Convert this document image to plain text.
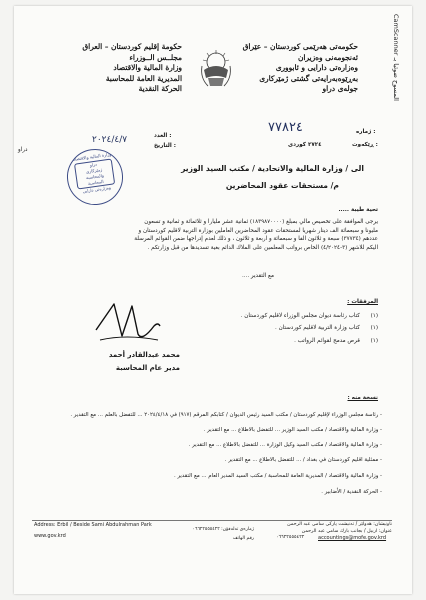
CamScanner ﺍﻟﻤﺴﻮﺡ ﺿﻮﺋﻴﺎ ﺑـ
حکومەتی هەرێمی کوردستان – عێراق
ئەنجومەنی وەزیران
وەزارەتی دارایی و ئابووری
بەڕێوەبەرایەتی گشتی ژمێرکاری
جولەی دراو
حكومة إقليم كوردستان – العراق
مجلــس الــوزراء
وزارة المالية والاقتصاد
المديرية العامة للمحاسبة
الحركة النقدية
ژمارە :
٧٧٨٢٤
ڕێکەوت :
٢٧٢٤ کوردی
العدد :
التاريخ :
٢٠٢٤/٤/٧
دراو
وزارة المالية والاقتصاد
دراو
ژمێرکاری
والمحاسبة
المحاسبة
وەزارەتی دارایی
الى / وزارة المالية والاتحادية / مكتب السيد الوزير
م/ مستحقات عقود المحاضرين
تحية طيبة .....
يرجى الموافقة على تخصيص مالي بمبلغ (١٨٣٩٨٧٠٠٠٠) ثمانية عشر مليارا و ثلاثمائة و ثمانية و تسعون
مليونا و سبعمائة الف دينار شهريا لمستحقات عقود المحاضرين العاملين بوزارة التربية لاقليم كوردستان و
عددهم (٣٧٧٣٤) سبعة و ثلاثون الفا و سبعمائة و اربعة و ثلاثون ، و ذلك لعدم إدراجها ضمن القوائم المرسلة
اليكم للاشهر (٣-٤/٢٠٢٤) الخاص برواتب المعلمين على الملاك الدائم بغية تسديدها من قبل وزارتكم .
مع التقدير ....
المرفقات :
(١)      كتاب رئاسة ديوان مجلس الوزراء لاقليم كوردستان .
(١)      كتاب وزارة التربية لاقليم كوردستان .
(١)      قرص مدمج لقوائم الرواتب .
محمد عبدالقادر أحمد
مدير عام المحاسبة
نسخة منه :
- رئاسة مجلس الوزراء لإقليم كوردستان / مكتب السيد رئيس الديوان / كتابكم المرقم (٩١٧) في ٢٠٢٤/٤/١٨ ... للتفضل بالعلم ... مع التقدير .
- وزارة المالية والاقتصاد / مكتب السيد الوزير ... للتفضل بالاطلاع ... مع التقدير .
- وزارة المالية والاقتصاد / مكتب السيد وكيل الوزارة ... للتفضل بالاطلاع ... مع التقدير .
- ممثلية اقليم كوردستان في بغداد / ... للتفضل بالاطلاع ... مع التقدير .
- وزارة المالية والاقتصاد / المديرية العامة للمحاسبة / مكتب السيد المدير العام ... مع التقدير .
- الحركة النقدية / الأضابير .
Address: Erbil / Beside Sami Abdulrahman Park
www.gov.krd
ژمارەی تەلەفۆن: ٠٦٦٢٢٥٥٥٤٢٢
رقم الهاتف
ناونیشان: هەولێر / تەنیشت پارکی سامی عبد الرحمن
عنوان: اربيل / بجانب بارك سامي عبد الرحمن
٠٦٦٢٢٥٥٥٤٢٢	accountings@mofe.gov.krd
